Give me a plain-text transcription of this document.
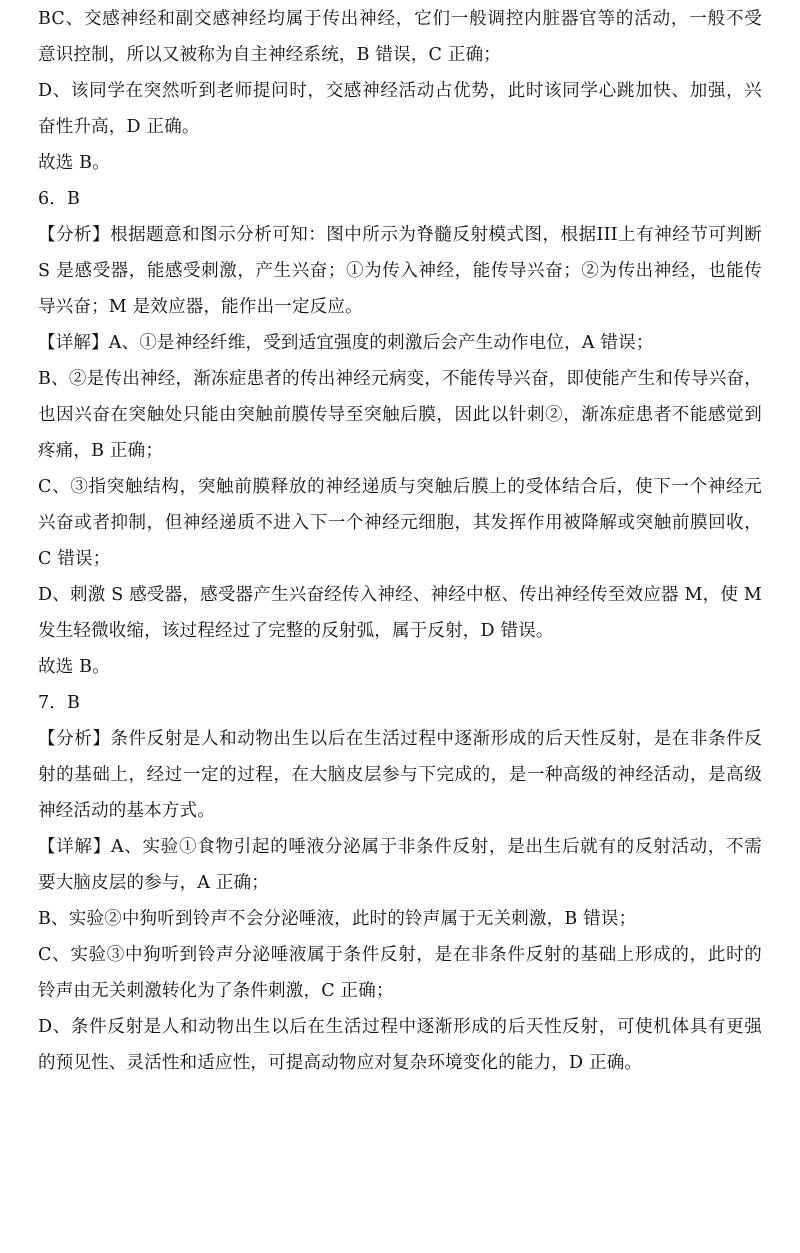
BC、交感神经和副交感神经均属于传出神经，它们一般调控内脏器官等的活动，一般不受

意识控制，所以又被称为自主神经系统，B 错误，C 正确；

D、该同学在突然听到老师提问时，交感神经活动占优势，此时该同学心跳加快、加强，兴

奋性升高，D 正确。

故选 B。

6．B

【分析】根据题意和图示分析可知：图中所示为脊髓反射模式图，根据III上有神经节可判断

S 是感受器，能感受刺激，产生兴奋；①为传入神经，能传导兴奋；②为传出神经，也能传

导兴奋；M 是效应器，能作出一定反应。

【详解】A、①是神经纤维，受到适宜强度的刺激后会产生动作电位，A 错误；

B、②是传出神经，渐冻症患者的传出神经元病变，不能传导兴奋，即使能产生和传导兴奋，

也因兴奋在突触处只能由突触前膜传导至突触后膜，因此以针刺②，渐冻症患者不能感觉到

疼痛，B 正确；

C、③指突触结构，突触前膜释放的神经递质与突触后膜上的受体结合后，使下一个神经元

兴奋或者抑制，但神经递质不进入下一个神经元细胞，其发挥作用被降解或突触前膜回收，

C 错误；

D、刺激 S 感受器，感受器产生兴奋经传入神经、神经中枢、传出神经传至效应器 M，使 M

发生轻微收缩，该过程经过了完整的反射弧，属于反射，D 错误。

故选 B。

7．B

【分析】条件反射是人和动物出生以后在生活过程中逐渐形成的后天性反射，是在非条件反

射的基础上，经过一定的过程，在大脑皮层参与下完成的，是一种高级的神经活动，是高级

神经活动的基本方式。

【详解】A、实验①食物引起的唾液分泌属于非条件反射，是出生后就有的反射活动，不需

要大脑皮层的参与，A 正确；

B、实验②中狗听到铃声不会分泌唾液，此时的铃声属于无关刺激，B 错误；

C、实验③中狗听到铃声分泌唾液属于条件反射，是在非条件反射的基础上形成的，此时的

铃声由无关刺激转化为了条件刺激，C 正确；

D、条件反射是人和动物出生以后在生活过程中逐渐形成的后天性反射，可使机体具有更强

的预见性、灵活性和适应性，可提高动物应对复杂环境变化的能力，D 正确。
